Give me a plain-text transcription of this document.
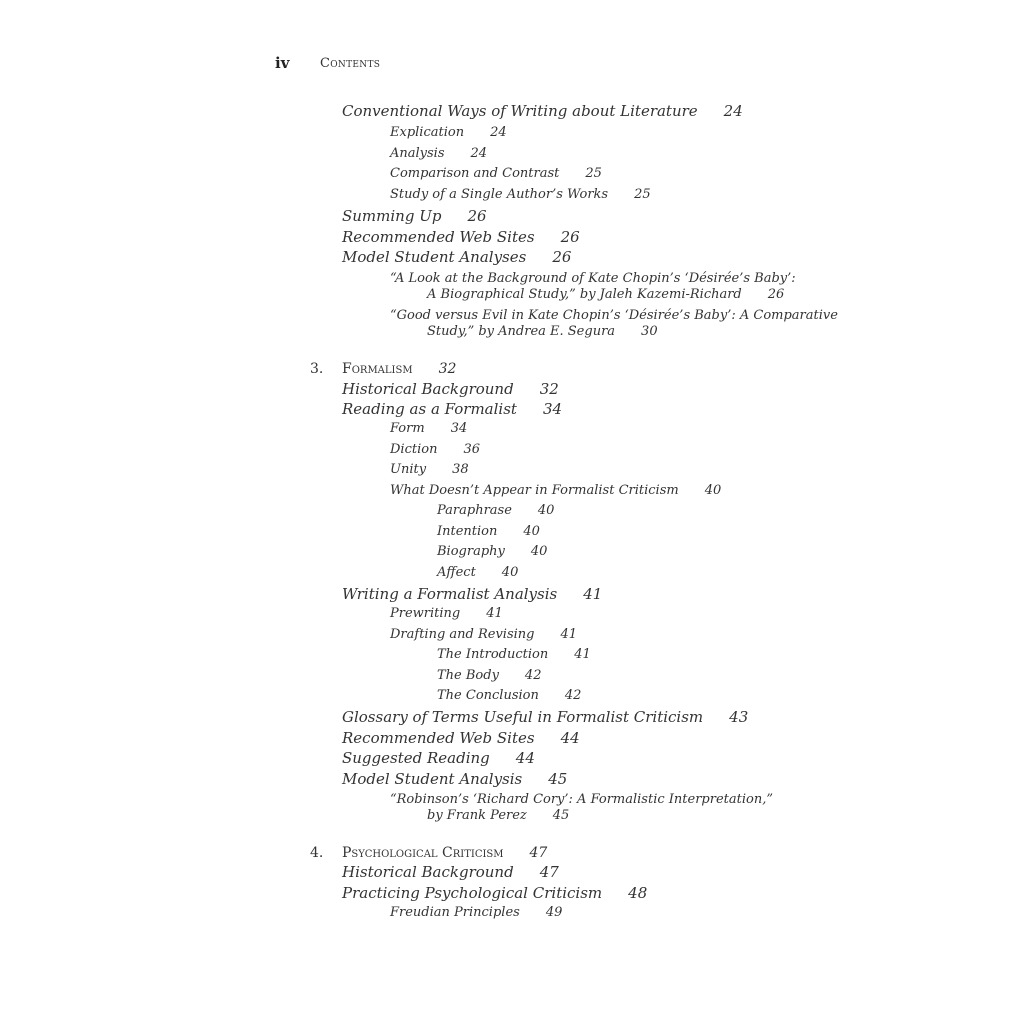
iv Contents
Conventional Ways of Writing about Literature 24
Explication 24
Analysis 24
Comparison and Contrast 25
Study of a Single Author’s Works 25
Summing Up 26
Recommended Web Sites 26
Model Student Analyses 26
“A Look at the Background of Kate Chopin’s ‘Désirée’s Baby’:
A Biographical Study,” by Jaleh Kazemi-Richard 26
“Good versus Evil in Kate Chopin’s ‘Désirée’s Baby’: A Comparative
Study,” by Andrea E. Segura 30
3. Formalism 32
Historical Background 32
Reading as a Formalist 34
Form 34
Diction 36
Unity 38
What Doesn’t Appear in Formalist Criticism 40
Paraphrase 40
Intention 40
Biography 40
Affect 40
Writing a Formalist Analysis 41
Prewriting 41
Drafting and Revising 41
The Introduction 41
The Body 42
The Conclusion 42
Glossary of Terms Useful in Formalist Criticism 43
Recommended Web Sites 44
Suggested Reading 44
Model Student Analysis 45
“Robinson’s ‘Richard Cory’: A Formalistic Interpretation,”
by Frank Perez 45
4. Psychological Criticism 47
Historical Background 47
Practicing Psychological Criticism 48
Freudian Principles 49
